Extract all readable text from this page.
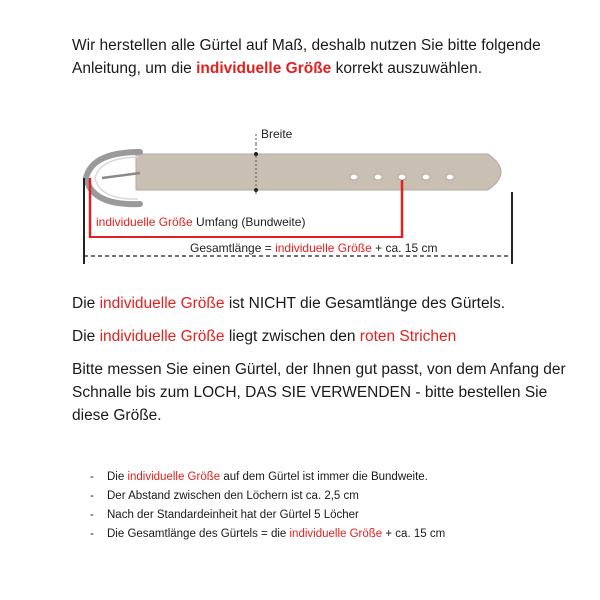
Wir herstellen alle Gürtel auf Maß, deshalb nutzen Sie bitte folgende Anleitung, um die individuelle Größe korrekt auszuwählen.
Breite
individuelle Größe Umfang (Bundweite)
Gesamtlänge = individuelle Größe + ca. 15 cm
Die individuelle Größe ist NICHT die Gesamtlänge des Gürtels.
Die individuelle Größe liegt zwischen den roten Strichen
Bitte messen Sie einen Gürtel, der Ihnen gut passt, von dem Anfang der Schnalle bis zum LOCH, DAS SIE VERWENDEN - bitte bestellen Sie diese Größe.
- Die individuelle Größe auf dem Gürtel ist immer die Bundweite.
- Der Abstand zwischen den Löchern ist ca. 2,5 cm
- Nach der Standardeinheit hat der Gürtel 5 Löcher
- Die Gesamtlänge des Gürtels = die individuelle Größe + ca. 15 cm
